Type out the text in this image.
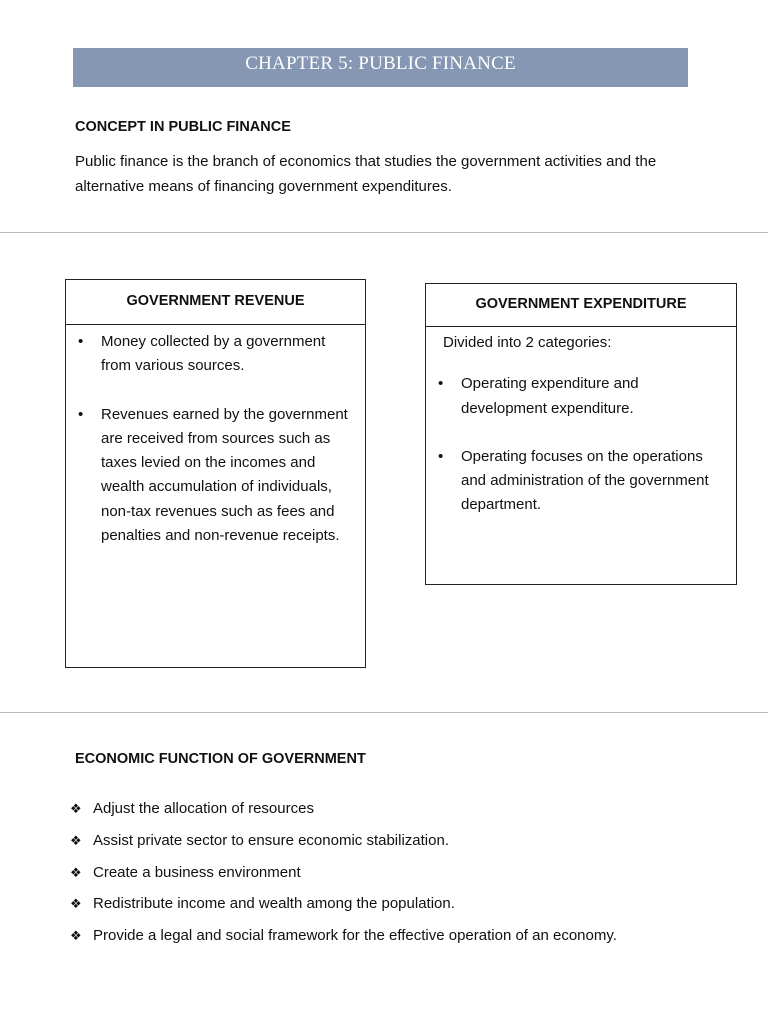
CHAPTER 5: PUBLIC FINANCE
CONCEPT IN PUBLIC FINANCE

Public finance is the branch of economics that studies the government activities and the alternative means of financing government expenditures.

GOVERNMENT REVENUE
• Money collected by a government from various sources.
• Revenues earned by the government are received from sources such as taxes levied on the incomes and wealth accumulation of individuals, non-tax revenues such as fees and penalties and non-revenue receipts.
GOVERNMENT EXPENDITURE
Divided into 2 categories:
• Operating expenditure and development expenditure.
• Operating focuses on the operations and administration of the government department.
ECONOMIC FUNCTION OF GOVERNMENT
❖ Adjust the allocation of resources
❖ Assist private sector to ensure economic stabilization.
❖ Create a business environment
❖ Redistribute income and wealth among the population.
❖ Provide a legal and social framework for the effective operation of an economy.
